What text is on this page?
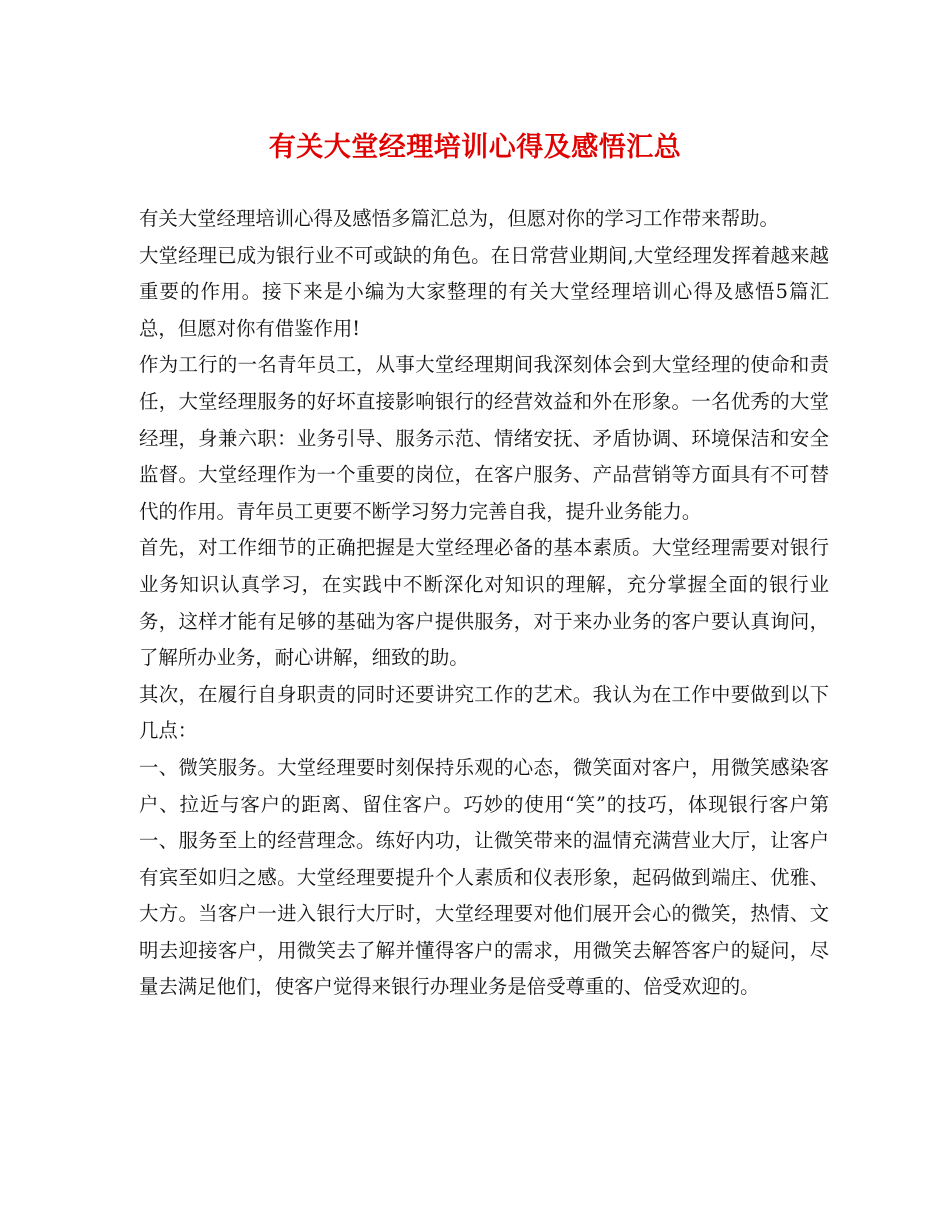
有关大堂经理培训心得及感悟汇总

有关大堂经理培训心得及感悟多篇汇总为，但愿对你的学习工作带来帮助。

大堂经理已成为银行业不可或缺的角色。在日常营业期间,大堂经理发挥着越来越重要的作用。接下来是小编为大家整理的有关大堂经理培训心得及感悟5篇汇总，但愿对你有借鉴作用!

作为工行的一名青年员工，从事大堂经理期间我深刻体会到大堂经理的使命和责任，大堂经理服务的好坏直接影响银行的经营效益和外在形象。一名优秀的大堂经理，身兼六职：业务引导、服务示范、情绪安抚、矛盾协调、环境保洁和安全监督。大堂经理作为一个重要的岗位，在客户服务、产品营销等方面具有不可替代的作用。青年员工更要不断学习努力完善自我，提升业务能力。

首先，对工作细节的正确把握是大堂经理必备的基本素质。大堂经理需要对银行业务知识认真学习，在实践中不断深化对知识的理解，充分掌握全面的银行业务，这样才能有足够的基础为客户提供服务，对于来办业务的客户要认真询问，了解所办业务，耐心讲解，细致的助。

其次，在履行自身职责的同时还要讲究工作的艺术。我认为在工作中要做到以下几点：

一、微笑服务。大堂经理要时刻保持乐观的心态，微笑面对客户，用微笑感染客户、拉近与客户的距离、留住客户。巧妙的使用“笑”的技巧，体现银行客户第一、服务至上的经营理念。练好内功，让微笑带来的温情充满营业大厅，让客户有宾至如归之感。大堂经理要提升个人素质和仪表形象，起码做到端庄、优雅、大方。当客户一进入银行大厅时，大堂经理要对他们展开会心的微笑，热情、文明去迎接客户，用微笑去了解并懂得客户的需求，用微笑去解答客户的疑问，尽量去满足他们，使客户觉得来银行办理业务是倍受尊重的、倍受欢迎的。
